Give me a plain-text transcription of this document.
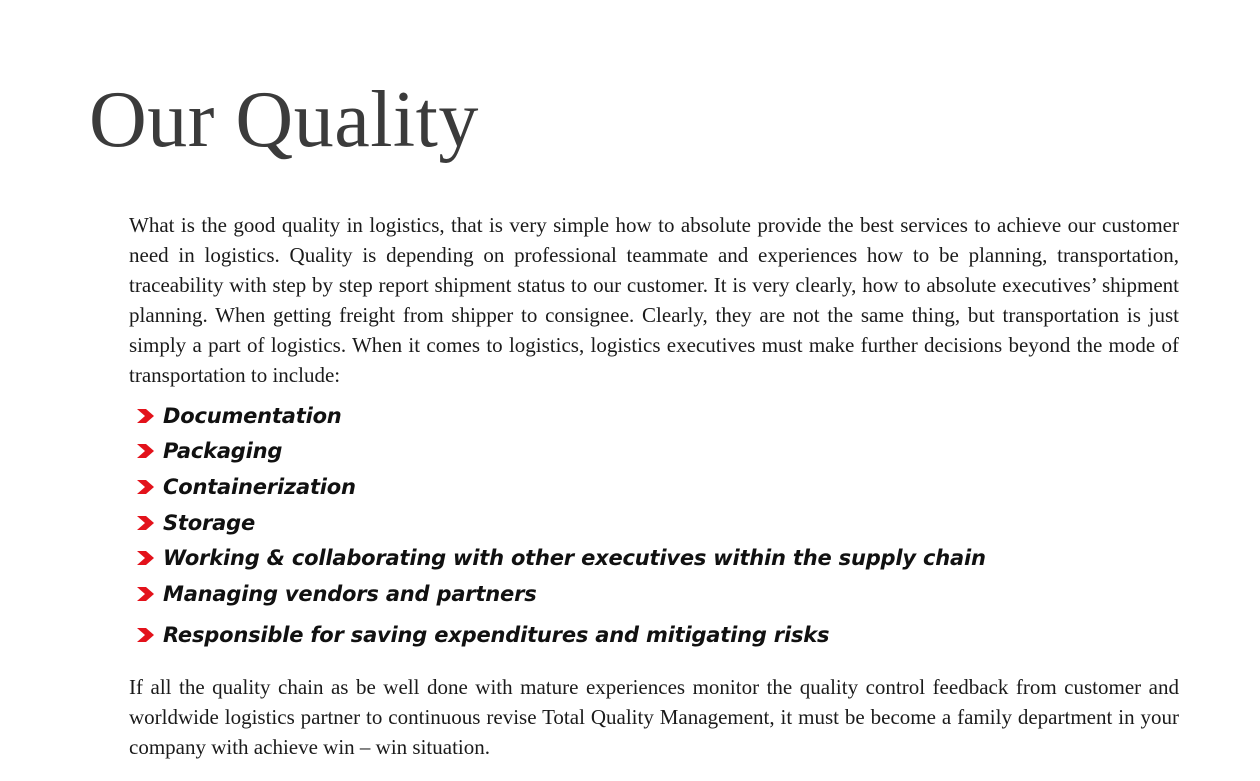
Our Quality

What is the good quality in logistics, that is very simple how to absolute provide the best services to achieve our customer need in logistics. Quality is depending on professional teammate and experiences how to be planning, transportation, traceability with step by step report shipment status to our customer. It is very clearly, how to absolute executives’ shipment planning. When getting freight from shipper to consignee. Clearly, they are not the same thing, but transportation is just simply a part of logistics. When it comes to logistics, logistics executives must make further decisions beyond the mode of transportation to include:

Documentation
Packaging
Containerization
Storage
Working & collaborating with other executives within the supply chain
Managing vendors and partners
Responsible for saving expenditures and mitigating risks

If all the quality chain as be well done with mature experiences monitor the quality control feedback from customer and worldwide logistics partner to continuous revise Total Quality Management, it must be become a family department in your company with achieve win – win situation.
